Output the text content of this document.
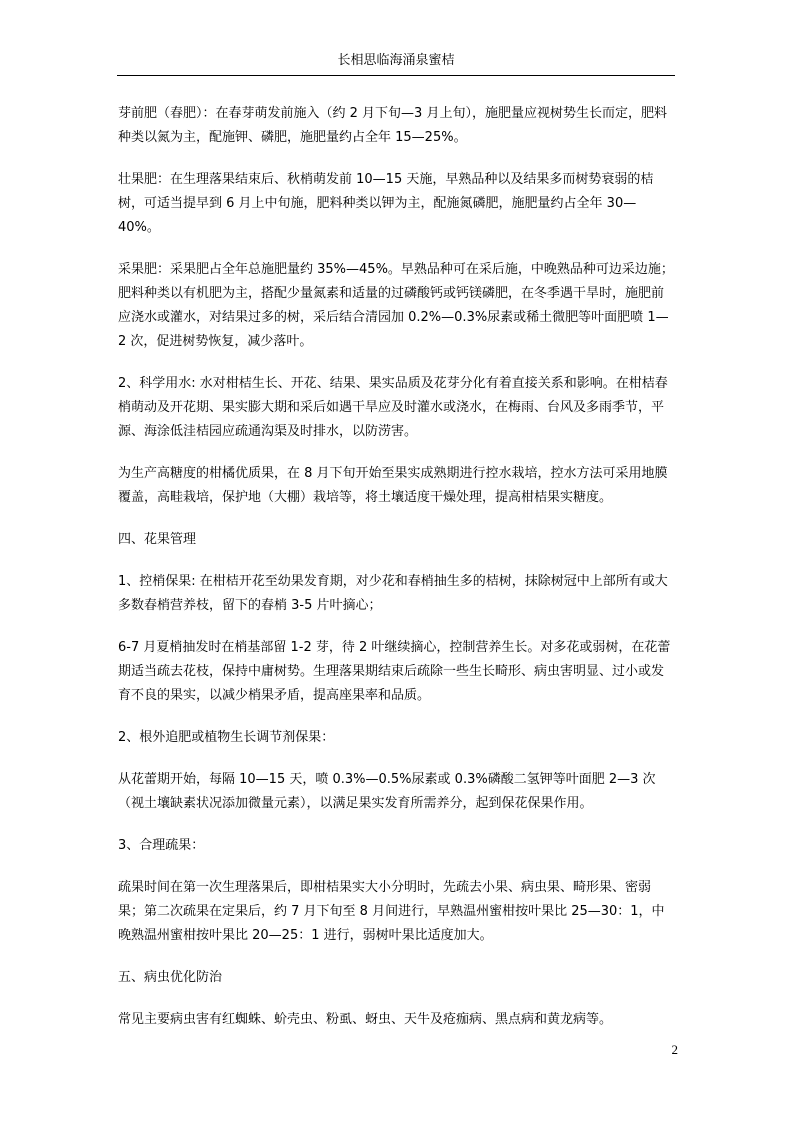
长相思临海涌泉蜜桔

芽前肥（春肥）：在春芽萌发前施入（约 2 月下旬—3 月上旬），施肥量应视树势生长而定，肥料种类以氮为主，配施钾、磷肥，施肥量约占全年 15—25%。

壮果肥：在生理落果结束后、秋梢萌发前 10—15 天施，早熟品种以及结果多而树势衰弱的桔树，可适当提早到 6 月上中旬施，肥料种类以钾为主，配施氮磷肥，施肥量约占全年 30—40%。

采果肥：采果肥占全年总施肥量约 35%—45%。早熟品种可在采后施，中晚熟品种可边采边施；肥料种类以有机肥为主，搭配少量氮素和适量的过磷酸钙或钙镁磷肥，在冬季遇干旱时，施肥前应浇水或灌水，对结果过多的树，采后结合清园加 0.2%—0.3%尿素或稀土微肥等叶面肥喷 1—2 次，促进树势恢复，减少落叶。

2、科学用水: 水对柑桔生长、开花、结果、果实品质及花芽分化有着直接关系和影响。在柑桔春梢萌动及开花期、果实膨大期和采后如遇干旱应及时灌水或浇水，在梅雨、台风及多雨季节，平源、海涂低洼桔园应疏通沟渠及时排水，以防涝害。

为生产高糖度的柑橘优质果，在 8 月下旬开始至果实成熟期进行控水栽培，控水方法可采用地膜覆盖，高畦栽培，保护地（大棚）栽培等，将土壤适度干燥处理，提高柑桔果实糖度。

四、花果管理

1、控梢保果: 在柑桔开花至幼果发育期，对少花和春梢抽生多的桔树，抹除树冠中上部所有或大多数春梢营养枝，留下的春梢 3-5 片叶摘心；

6-7 月夏梢抽发时在梢基部留 1-2 芽，待 2 叶继续摘心，控制营养生长。对多花或弱树，在花蕾期适当疏去花枝，保持中庸树势。生理落果期结束后疏除一些生长畸形、病虫害明显、过小或发育不良的果实，以减少梢果矛盾，提高座果率和品质。

2、根外追肥或植物生长调节剂保果：

从花蕾期开始，每隔 10—15 天，喷 0.3%—0.5%尿素或 0.3%磷酸二氢钾等叶面肥 2—3 次（视土壤缺素状况添加微量元素），以满足果实发育所需养分，起到保花保果作用。

3、合理疏果：

疏果时间在第一次生理落果后，即柑桔果实大小分明时，先疏去小果、病虫果、畸形果、密弱果；第二次疏果在定果后，约 7 月下旬至 8 月间进行，早熟温州蜜柑按叶果比 25—30：1，中晚熟温州蜜柑按叶果比 20—25：1 进行，弱树叶果比适度加大。

五、病虫优化防治

常见主要病虫害有红蜘蛛、蚧壳虫、粉虱、蚜虫、天牛及疮痂病、黑点病和黄龙病等。

2
